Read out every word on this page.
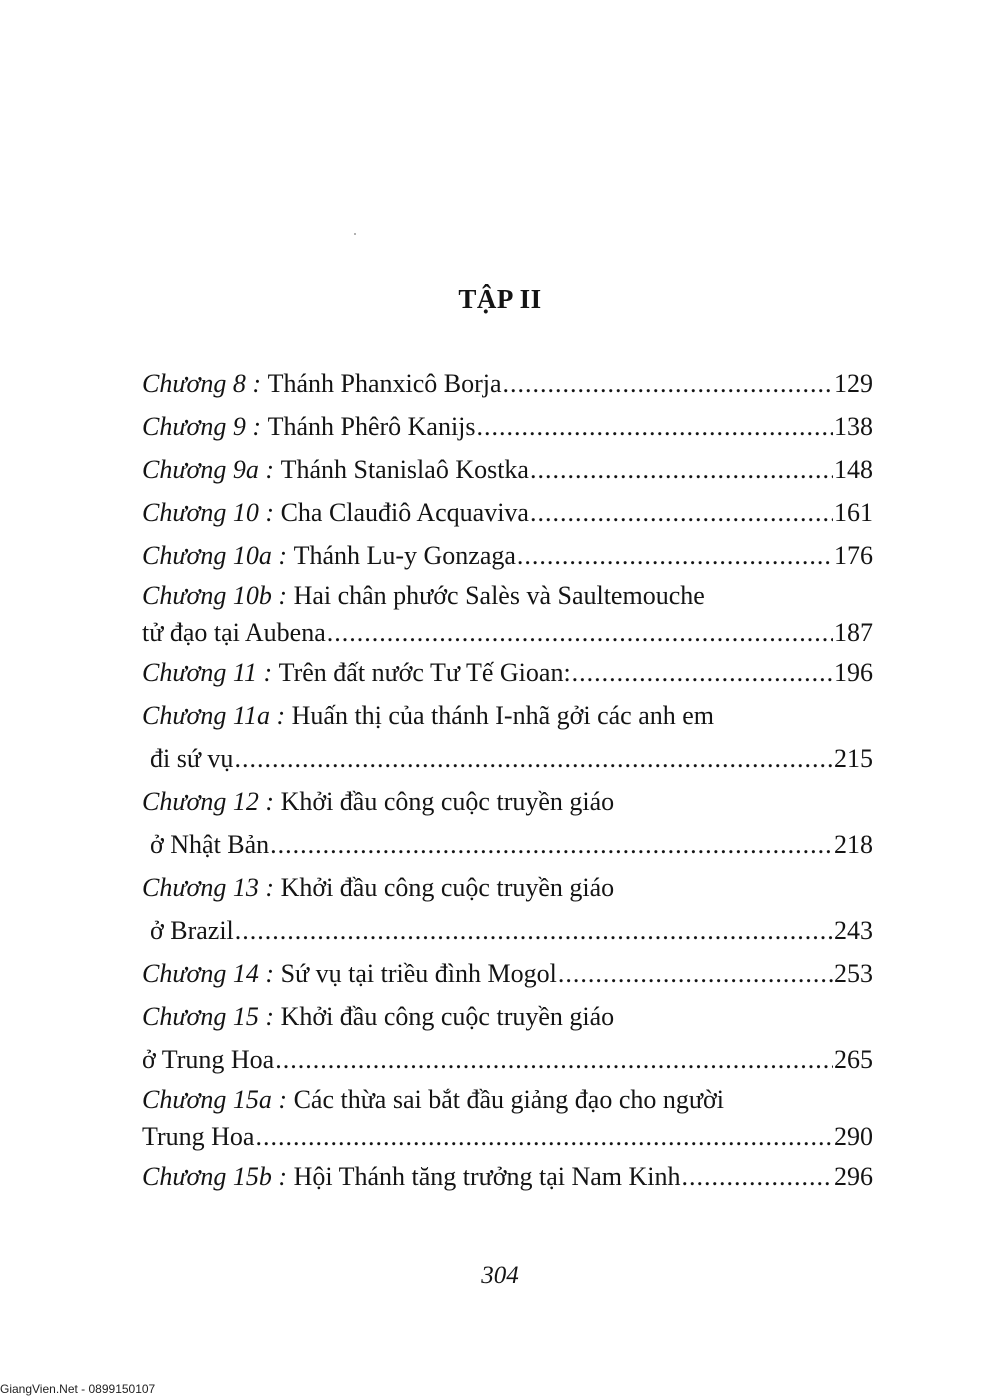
TẬP II
Chương 8 :
Thánh Phanxicô Borja .....	129
Chương 9 :
Thánh Phêrô Kanijs .....	138
Chương 9a :
Thánh Stanislaô Kostka .....	148
Chương 10 :
Cha Clauđiô Acquaviva .....	161
Chương 10a :
Thánh Lu-y Gonzaga .....	176
Chương 10b :
Hai chân phước Salès và Saultemouche
tử đạo tại Aubena .....	187
Chương 11 :
Trên đất nước Tư Tế Gioan: .....	196
Chương 11a :
Huấn thị của thánh I-nhã gởi các anh em
đi sứ vụ .....	215
Chương 12 :
Khởi đầu công cuộc truyền giáo
ở Nhật Bản .....	218
Chương 13 :
Khởi đầu công cuộc truyền giáo
ở Brazil .....	243
Chương 14 :
Sứ vụ tại triều đình Mogol .....	253
Chương 15 :
Khởi đầu công cuộc truyền giáo
ở Trung Hoa .....	265
Chương 15a :
Các thừa sai bắt đầu giảng đạo cho người
Trung Hoa .....	290
Chương 15b :
Hội Thánh tăng trưởng tại Nam Kinh .....	296
304
GiangVien.Net - 0899150107
